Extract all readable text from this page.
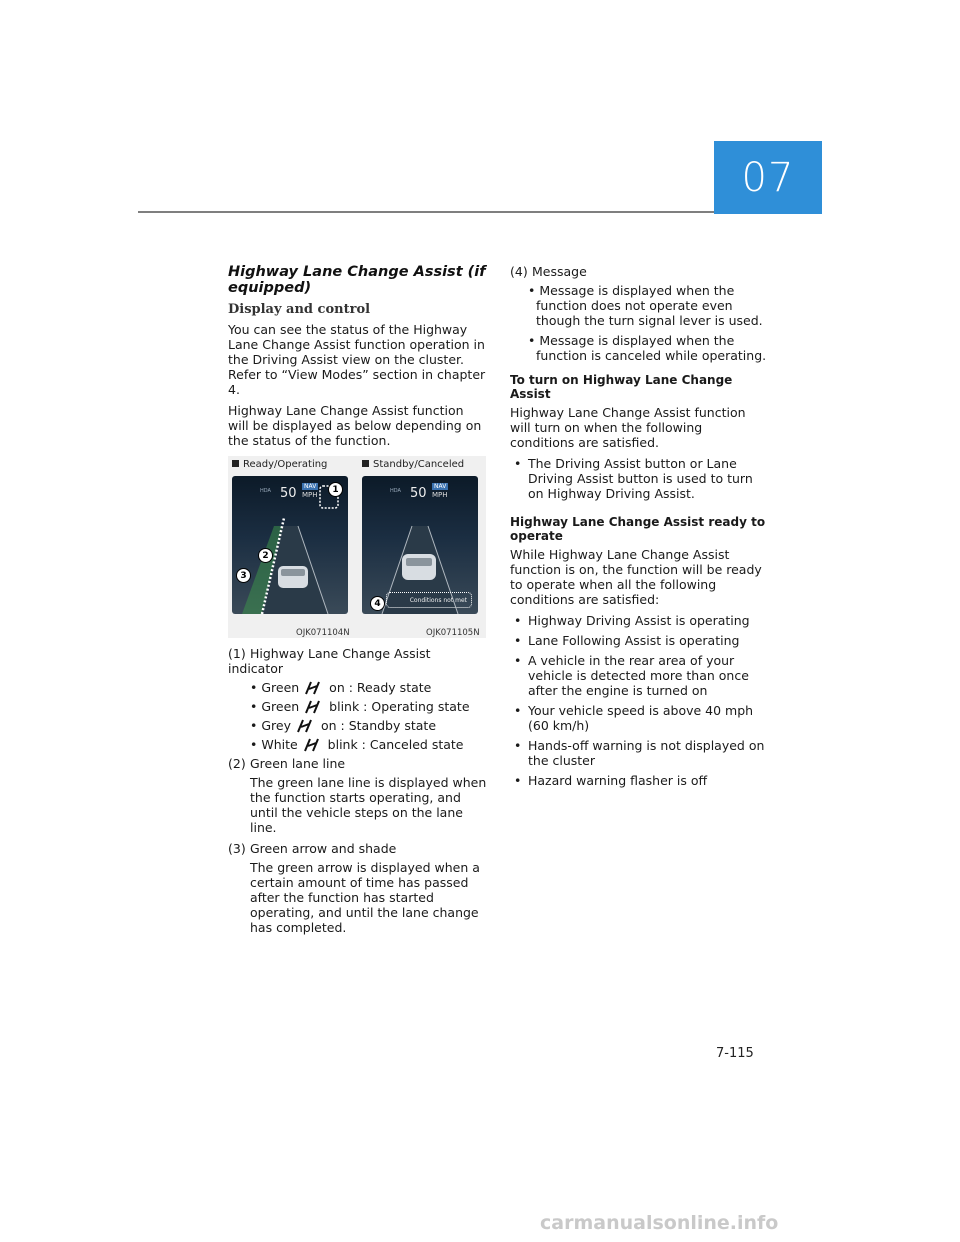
07
Highway Lane Change Assist (if equipped)
Display and control

You can see the status of the Highway Lane Change Assist function operation in the Driving Assist view on the cluster. Refer to “View Modes” section in chapter 4.

Highway Lane Change Assist function will be displayed as below depending on the status of the function.

Ready/Operating	Standby/Canceled
HDA 50	NAV
MPH
1
2
3
HDA 50	NAV
MPH
Conditions not met
4
OJK071104N	OJK071105N
(1) Highway Lane Change Assist indicator
• Green on : Ready state
• Green blink : Operating state
• Grey on : Standby state
• White blink : Canceled state
(2) Green lane line

The green lane line is displayed when the function starts operating, and until the vehicle steps on the lane line.

(3) Green arrow and shade

The green arrow is displayed when a certain amount of time has passed after the function has started operating, and until the lane change has completed.

(4) Message
• Message is displayed when the function does not operate even though the turn signal lever is used.
• Message is displayed when the function is canceled while operating.
To turn on Highway Lane Change Assist

Highway Lane Change Assist function will turn on when the following conditions are satisfied.

• The Driving Assist button or Lane Driving Assist button is used to turn on Highway Driving Assist.
Highway Lane Change Assist ready to operate

While Highway Lane Change Assist function is on, the function will be ready to operate when all the following conditions are satisfied:

• Highway Driving Assist is operating
• Lane Following Assist is operating
• A vehicle in the rear area of your vehicle is detected more than once after the engine is turned on
• Your vehicle speed is above 40 mph (60 km/h)
• Hands-off warning is not displayed on the cluster
• Hazard warning flasher is off
7-115
carmanualsonline.info
